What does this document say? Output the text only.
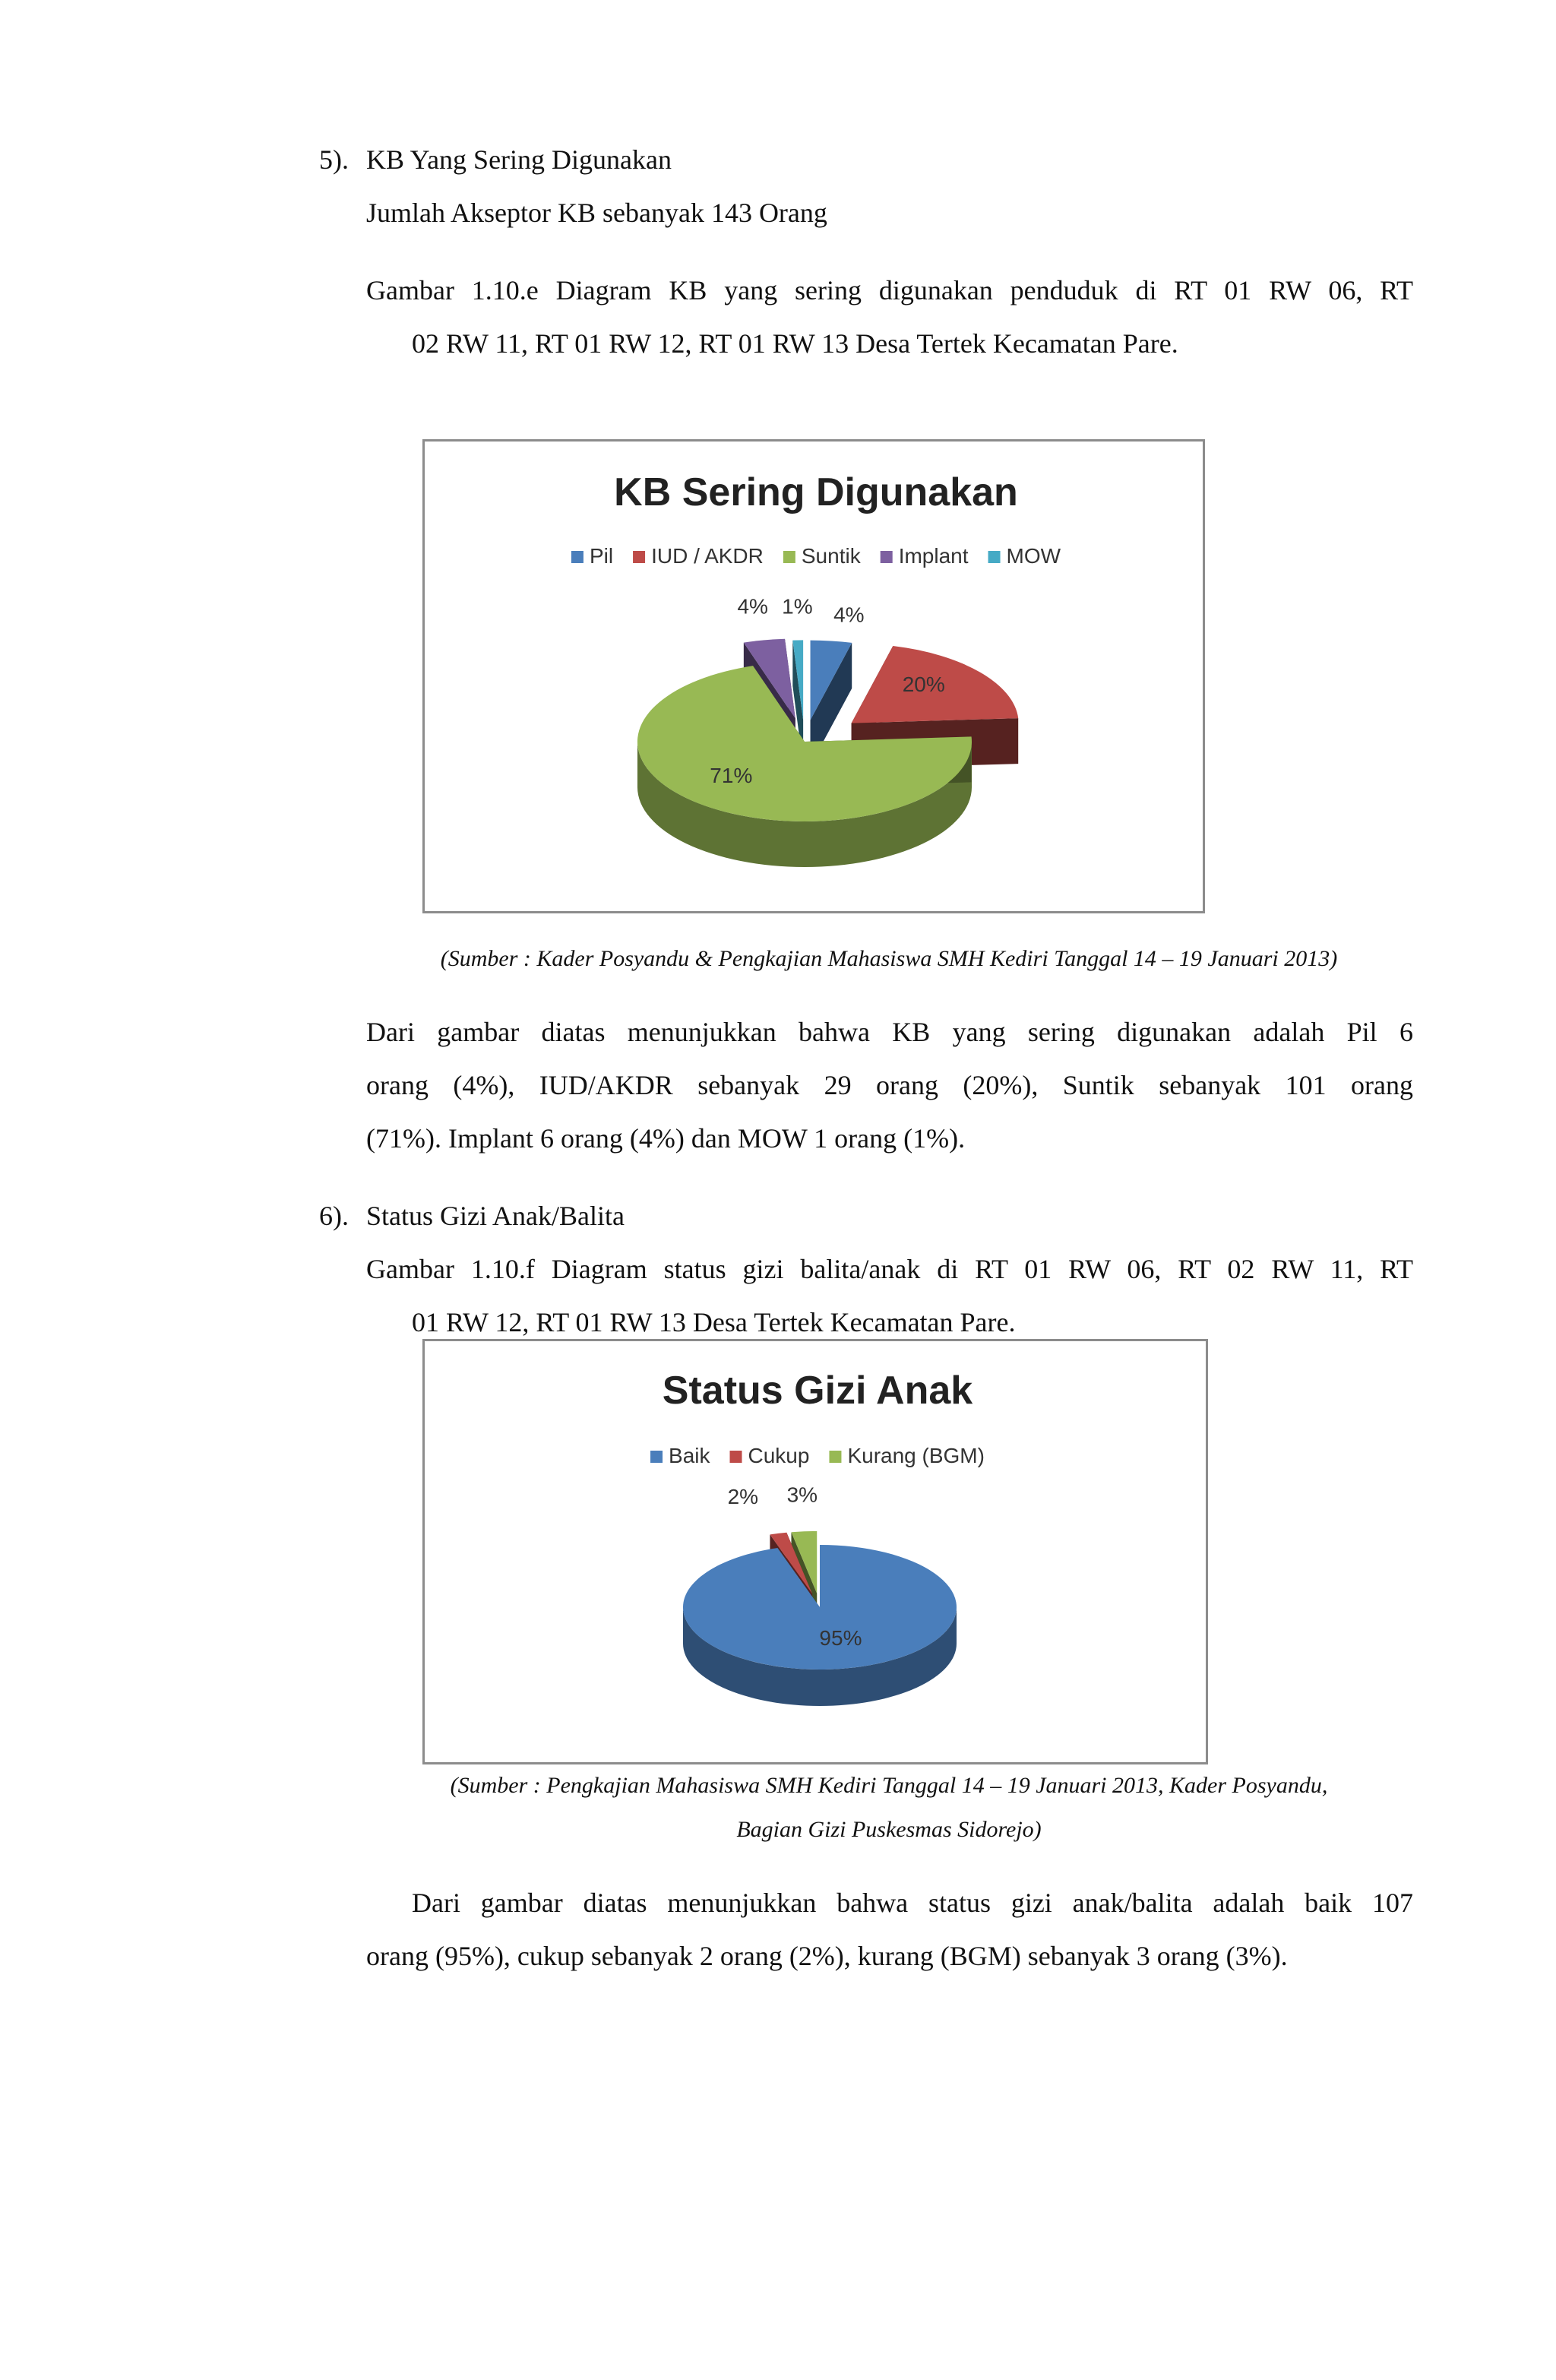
5). KB Yang Sering Digunakan
Jumlah Akseptor KB sebanyak 143 Orang
Gambar 1.10.e Diagram KB yang sering digunakan penduduk di RT 01 RW 06, RT
02 RW 11, RT 01 RW 12, RT 01 RW 13 Desa Tertek Kecamatan Pare.
KB Sering Digunakan
Pil IUD / AKDR Suntik Implant MOW
4%
20%
71%
4% 1%
(Sumber : Kader Posyandu & Pengkajian Mahasiswa SMH Kediri Tanggal 14 – 19 Januari 2013)
Dari gambar diatas menunjukkan bahwa KB yang sering digunakan adalah Pil 6
orang (4%), IUD/AKDR sebanyak 29 orang (20%), Suntik sebanyak 101 orang
(71%). Implant 6 orang (4%) dan MOW 1 orang (1%).
6). Status Gizi Anak/Balita
Gambar 1.10.f Diagram status gizi balita/anak di RT 01 RW 06, RT 02 RW 11, RT
01 RW 12, RT 01 RW 13 Desa Tertek Kecamatan Pare.
Status Gizi Anak
Baik Cukup Kurang (BGM)
95%
2% 3%
(Sumber : Pengkajian Mahasiswa SMH Kediri Tanggal 14 – 19 Januari 2013, Kader Posyandu,
Bagian Gizi Puskesmas Sidorejo)
Dari gambar diatas menunjukkan bahwa status gizi anak/balita adalah baik 107
orang (95%), cukup sebanyak 2 orang (2%), kurang (BGM) sebanyak 3 orang (3%).
